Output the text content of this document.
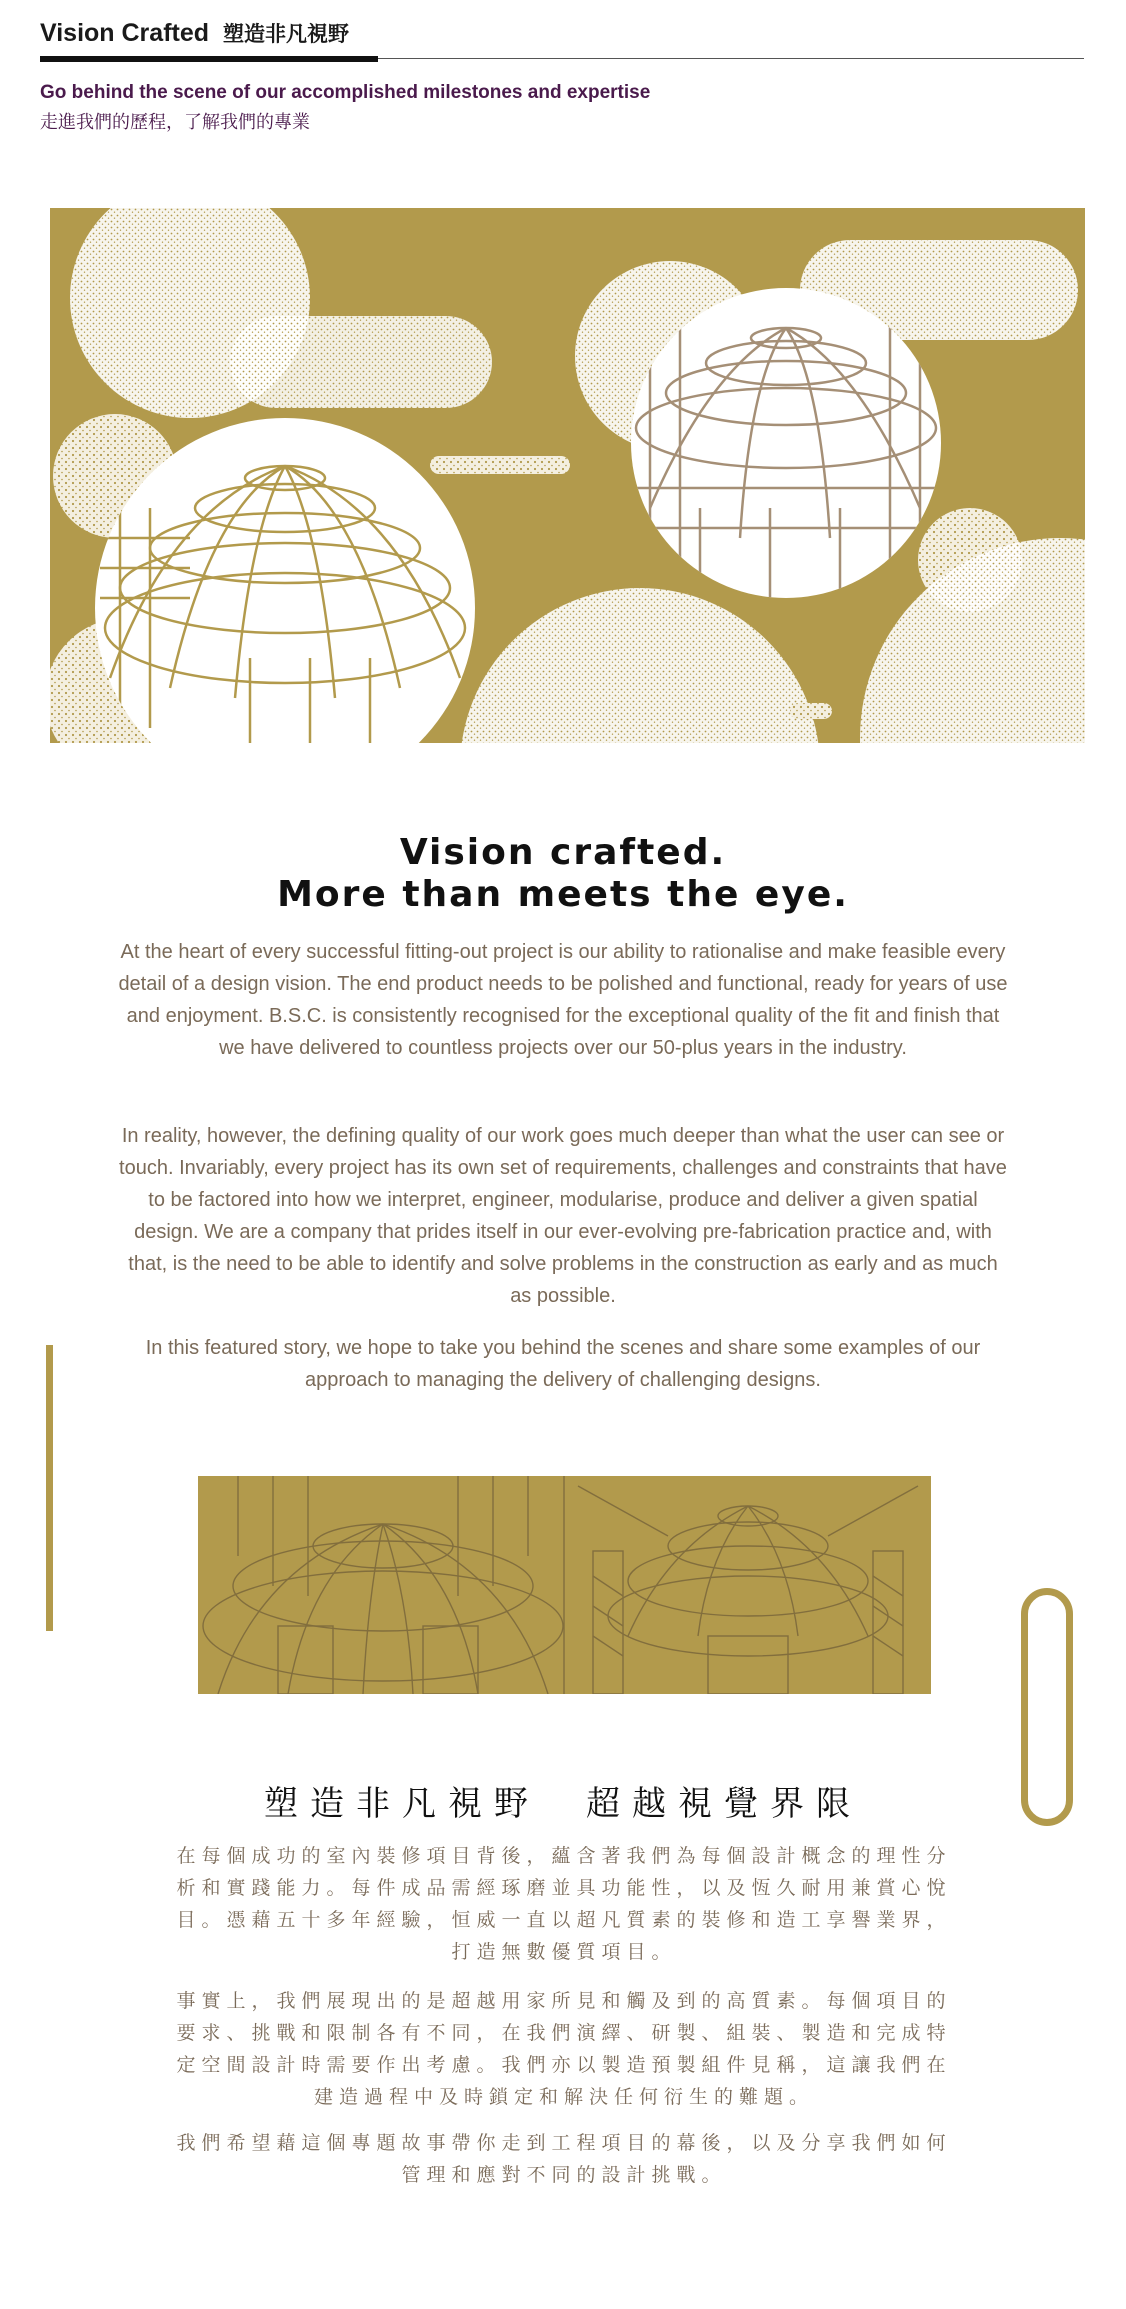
Vision Crafted 塑造非凡視野
Go behind the scene of our accomplished milestones and expertise
走進我們的歷程，了解我們的專業
Vision crafted.
More than meets the eye.
At the heart of every successful fitting-out project is our ability to rationalise and make feasible every detail of a design vision. The end product needs to be polished and functional, ready for years of use and enjoyment. B.S.C. is consistently recognised for the exceptional quality of the fit and finish that we have delivered to countless projects over our 50-plus years in the industry.
In reality, however, the defining quality of our work goes much deeper than what the user can see or touch. Invariably, every project has its own set of requirements, challenges and constraints that have to be factored into how we interpret, engineer, modularise, produce and deliver a given spatial design. We are a company that prides itself in our ever-evolving pre-fabrication practice and, with that, is the need to be able to identify and solve problems in the construction as early and as much as possible.
In this featured story, we hope to take you behind the scenes and share some examples of our approach to managing the delivery of challenging designs.
塑造非凡視野　超越視覺界限
在每個成功的室內裝修項目背後，蘊含著我們為每個設計概念的理性分析和實踐能力。每件成品需經琢磨並具功能性，以及恆久耐用兼賞心悅目。憑藉五十多年經驗，恒威一直以超凡質素的裝修和造工享譽業界，打造無數優質項目。
事實上，我們展現出的是超越用家所見和觸及到的高質素。每個項目的要求、挑戰和限制各有不同，在我們演繹、研製、組裝、製造和完成特定空間設計時需要作出考慮。我們亦以製造預製組件見稱，這讓我們在建造過程中及時鎖定和解決任何衍生的難題。
我們希望藉這個專題故事帶你走到工程項目的幕後，以及分享我們如何管理和應對不同的設計挑戰。
